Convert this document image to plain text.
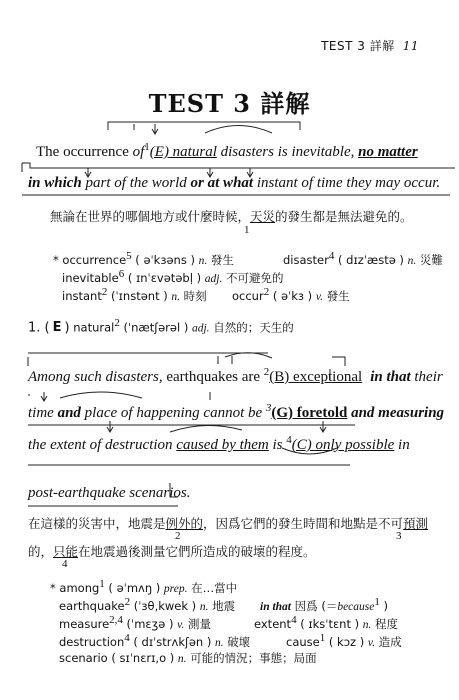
TEST 3 詳解 11
TEST 3 詳解
The occurrence $of^1(E)$ natural disasters is inevitable, no matter
in which part of the world or at what instant of time they may occur.
無論在世界的哪個地方或什麼時候，天災的發生都是無法避免的。
1
* occurrence$^5$ ( əˈkɜəns ) n. 發生	disaster$^4$ ( dɪzˈæstə ) n. 災難
inevitable$^6$ ( ɪnˈɛvətəbḷ ) adj. 不可避免的
instant$^2$ (ˈɪnstənt ) n. 時刻 occur$^2$ ( əˈkɜ ) v. 發生
1. ( E ) natural$^2$ (ˈnætʃərəl ) adj. 自然的；天生的
Among such disasters, earthquakes are $^2$(B) exceptional in that their
time and place of happening cannot be $^3$(G) foretold and measuring
the extent of destruction caused by them is $^4$(C) only possible in
post-earthquake scenarios.
在這樣的災害中，地震是例外的，因爲它們的發生時間和地點是不可預測
2	3
的，只能在地震過後測量它們所造成的破壞的程度。
4
* among$^1$ ( əˈmʌŋ ) prep. 在…當中
earthquake$^2$ (ˈɜθ,kwek ) n. 地震 in that 因爲 (＝because$^1$ )
measure$^{2,4}$ (ˈmɛʒə ) v. 測量	extent$^4$ ( ɪksˈtɛnt ) n. 程度
destruction$^4$ ( dɪˈstrʌkʃən ) n. 破壞	cause$^1$ ( kɔz ) v. 造成
scenario ( sɪˈnɛrɪ,o ) n. 可能的情況；事態；局面
